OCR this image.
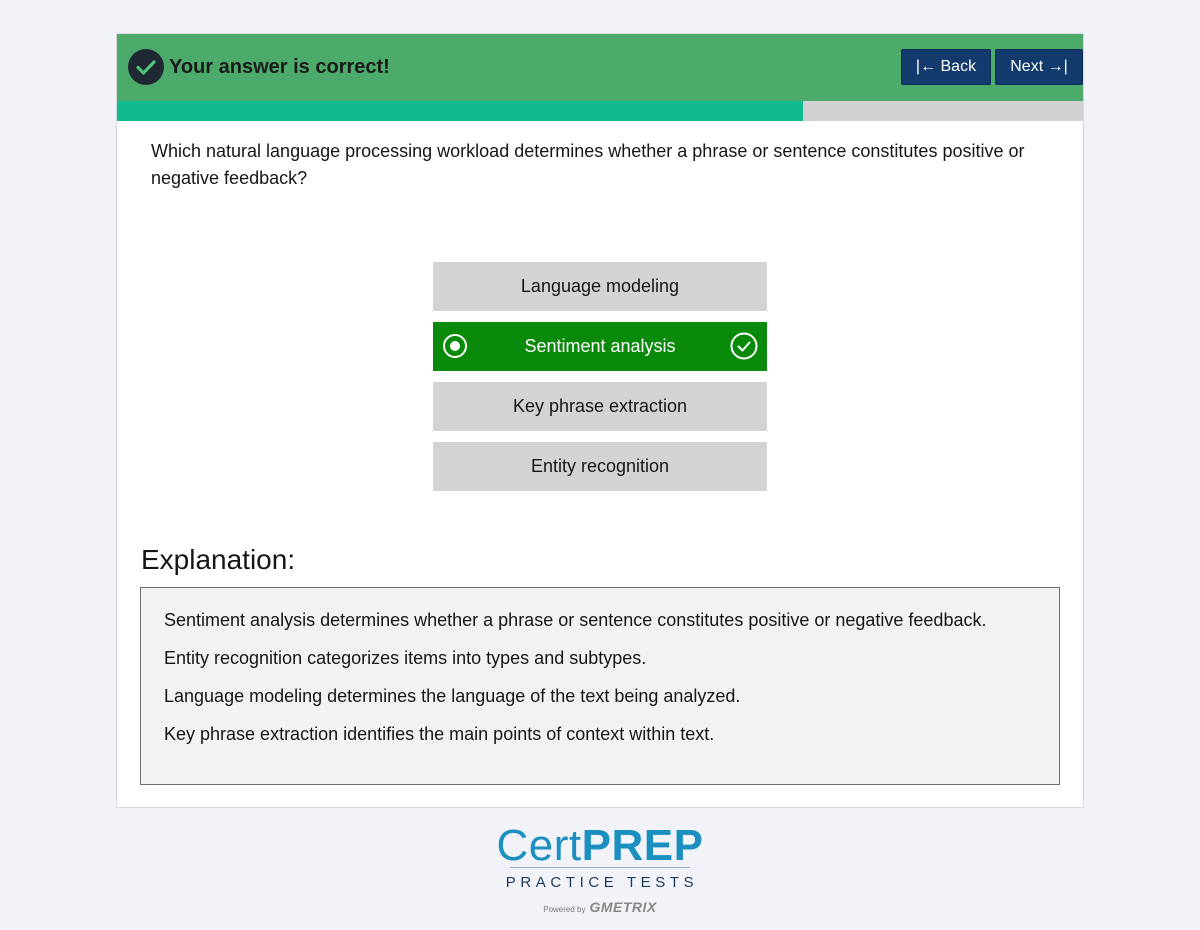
Your answer is correct!	|← Back	Next →|
Which natural language processing workload determines whether a phrase or sentence constitutes positive or negative feedback?
Language modeling
Sentiment analysis
Key phrase extraction
Entity recognition
Explanation:

Sentiment analysis determines whether a phrase or sentence constitutes positive or negative feedback.

Entity recognition categorizes items into types and subtypes.

Language modeling determines the language of the text being analyzed.

Key phrase extraction identifies the main points of context within text.

CertPREP
PRACTICE TESTS
Powered by GMETRIX
